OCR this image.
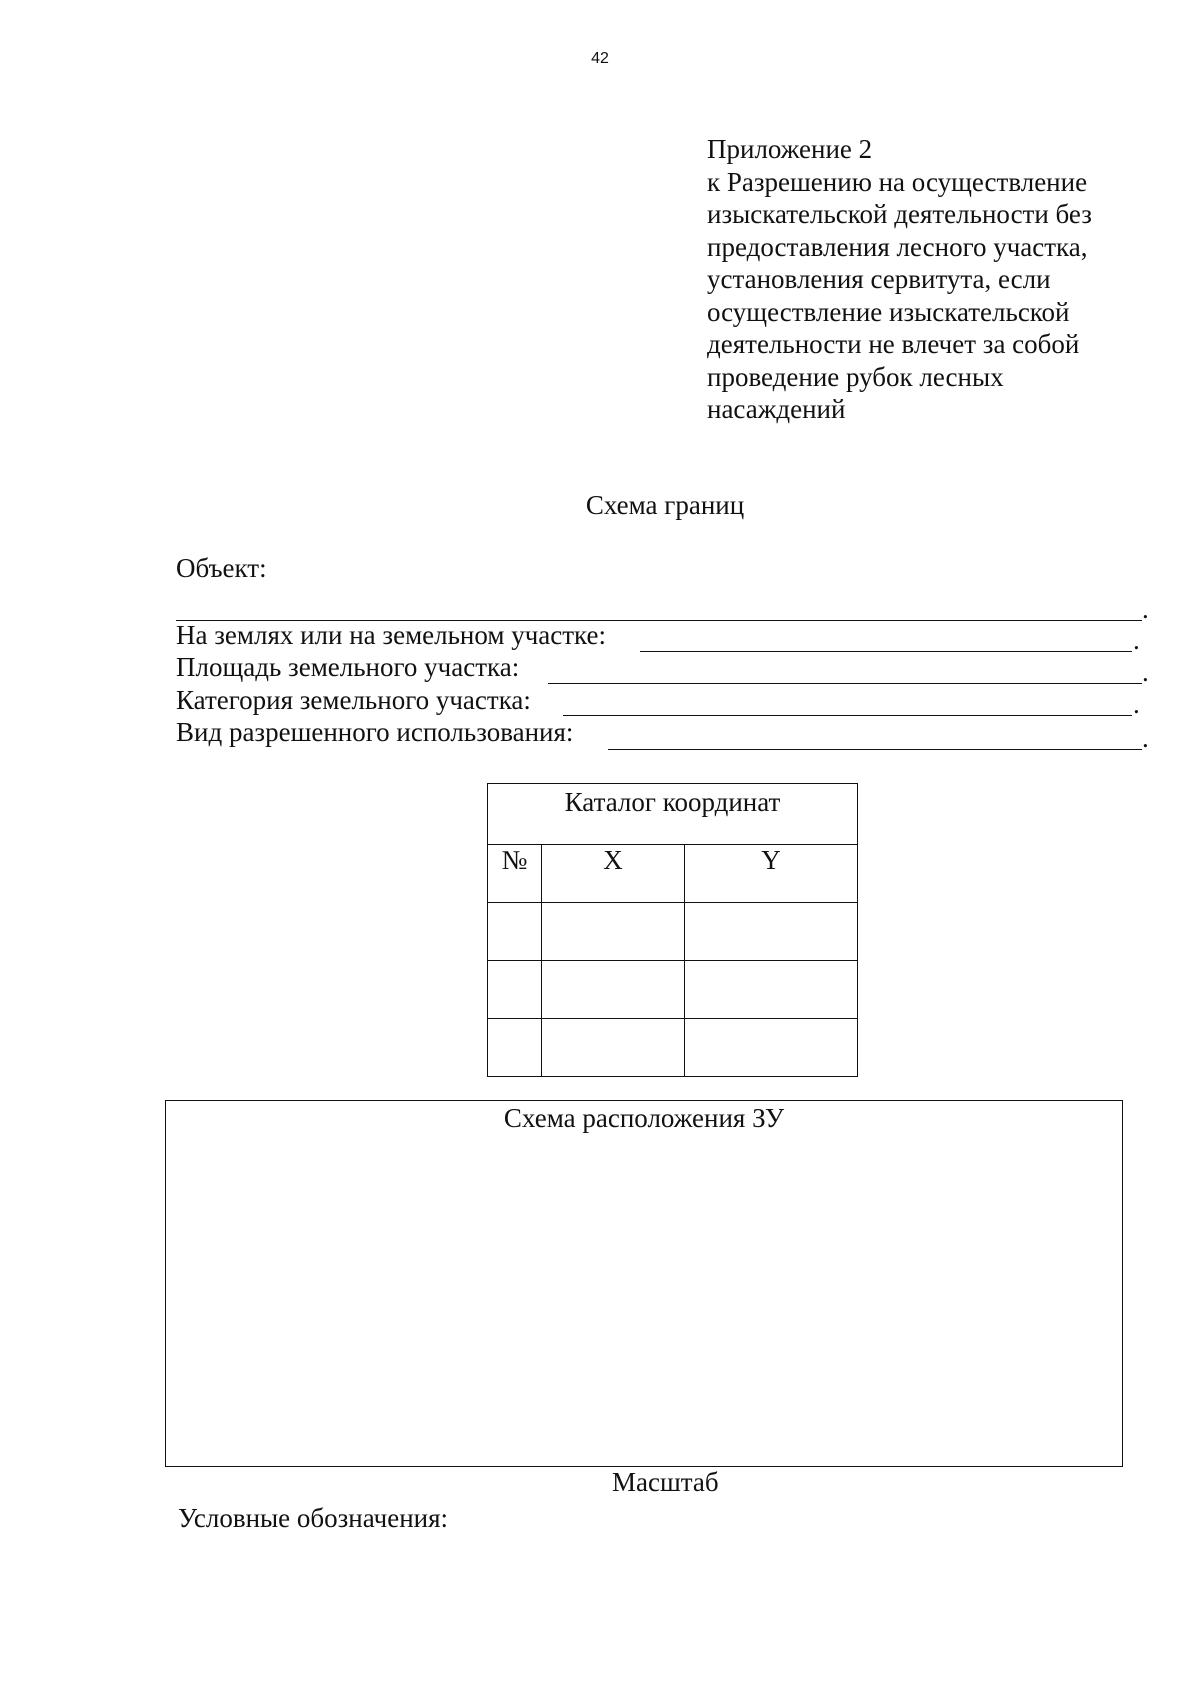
42
Приложение 2
к Разрешению на осуществление
изыскательской деятельности без
предоставления лесного участка,
установления сервитута, если
осуществление изыскательской
деятельности не влечет за собой
проведение рубок лесных
насаждений
Схема границ
Объект:
.
На землях или на земельном участке:	.
Площадь земельного участка:	.
Категория земельного участка:	.
Вид разрешенного использования:	.
Каталог координат		
№	X	Y

Схема расположения ЗУ
Масштаб
Условные обозначения:
